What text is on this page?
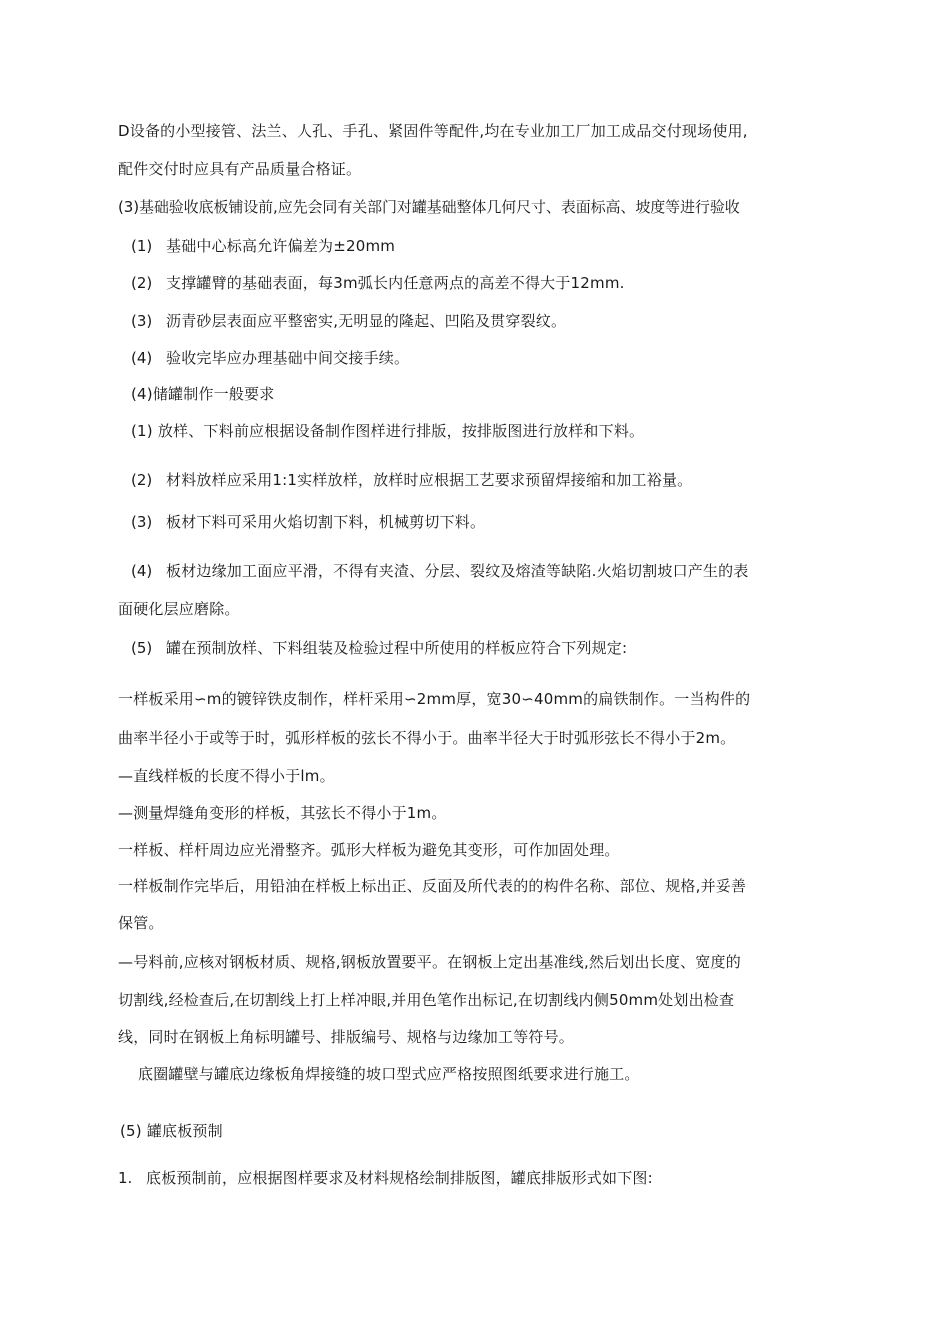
D设备的小型接管、法兰、人孔、手孔、紧固件等配件,均在专业加工厂加工成品交付现场使用,
配件交付时应具有产品质量合格证。
(3)基础验收底板铺设前,应先会同有关部门对罐基础整体几何尺寸、表面标高、坡度等进行验收
(1) 基础中心标高允许偏差为±20mm
(2) 支撑罐臂的基础表面，每3m弧长内任意两点的高差不得大于12mm.
(3) 沥青砂层表面应平整密实,无明显的隆起、凹陷及贯穿裂纹。
(4) 验收完毕应办理基础中间交接手续。
(4)储罐制作一般要求
(1) 放样、下料前应根据设备制作图样进行排版，按排版图进行放样和下料。
(2) 材料放样应采用1:1实样放样，放样时应根据工艺要求预留焊接缩和加工裕量。
(3) 板材下料可采用火焰切割下料，机械剪切下料。
(4) 板材边缘加工面应平滑，不得有夹渣、分层、裂纹及熔渣等缺陷.火焰切割坡口产生的表
面硬化层应磨除。
(5) 罐在预制放样、下料组装及检验过程中所使用的样板应符合下列规定:
一样板采用∽m的镀锌铁皮制作，样杆采用∽2mm厚，宽30∽40mm的扁铁制作。一当构件的
曲率半径小于或等于时，弧形样板的弦长不得小于。曲率半径大于时弧形弦长不得小于2m。
—直线样板的长度不得小于lm。
—测量焊缝角变形的样板，其弦长不得小于1m。
一样板、样杆周边应光滑整齐。弧形大样板为避免其变形，可作加固处理。
一样板制作完毕后，用铅油在样板上标出正、反面及所代表的的构件名称、部位、规格,并妥善
保管。
—号料前,应核对钢板材质、规格,钢板放置要平。在钢板上定出基准线,然后划出长度、宽度的
切割线,经检查后,在切割线上打上样冲眼,并用色笔作出标记,在切割线内侧50mm处划出检查
线，同时在钢板上角标明罐号、排版编号、规格与边缘加工等符号。
底圈罐壁与罐底边缘板角焊接缝的坡口型式应严格按照图纸要求进行施工。
(5) 罐底板预制
1. 底板预制前，应根据图样要求及材料规格绘制排版图，罐底排版形式如下图:
